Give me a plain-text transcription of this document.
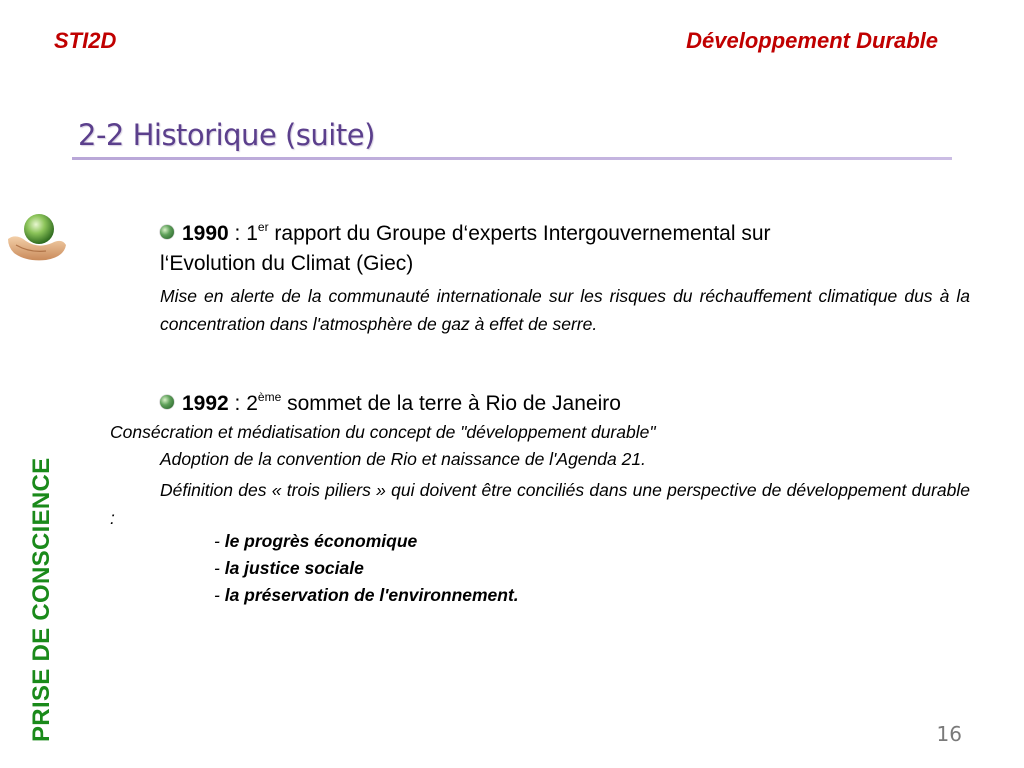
STI2D	Développement Durable
2-2 Historique (suite)
PRISE DE CONSCIENCE
1990 : 1er rapport du Groupe d‘experts Intergouvernemental sur
l‘Evolution du Climat (Giec)
Mise en alerte de la communauté internationale sur les risques du réchauffement climatique dus à la concentration dans l'atmosphère de gaz à effet de serre.
1992 : 2ème sommet de la terre à Rio de Janeiro
Consécration et médiatisation du concept de "développement durable"
Adoption de la convention de Rio et naissance de l'Agenda 21.
Définition des « trois piliers » qui doivent être conciliés dans une perspective de développement durable :
- le progrès économique
- la justice sociale
- la préservation de l'environnement.
16
